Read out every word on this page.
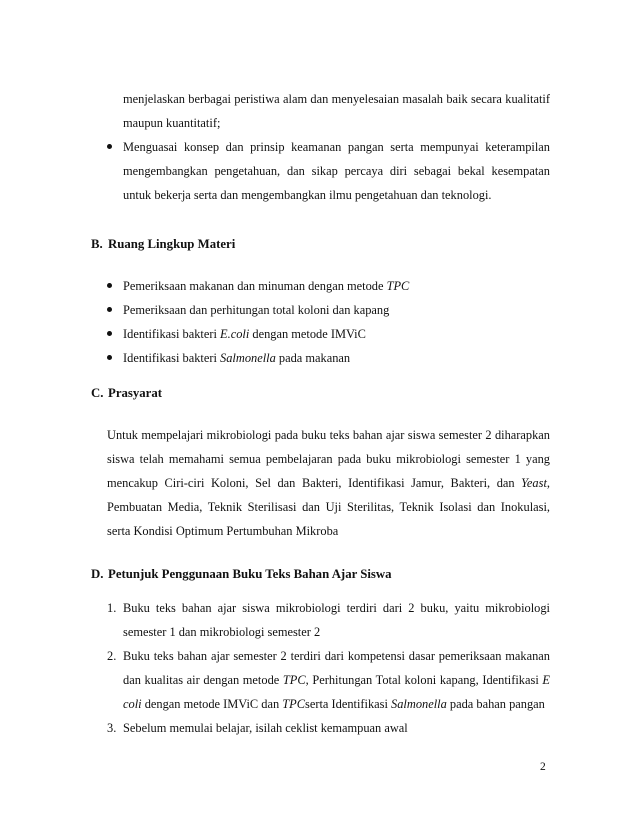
menjelaskan berbagai peristiwa alam dan menyelesaian masalah baik secara kualitatif maupun kuantitatif;

Menguasai konsep dan prinsip keamanan pangan serta mempunyai keterampilan mengembangkan pengetahuan, dan sikap percaya diri sebagai bekal kesempatan untuk bekerja serta dan mengembangkan ilmu pengetahuan dan teknologi.
B. Ruang Lingkup Materi
Pemeriksaan makanan dan minuman dengan metode TPC
Pemeriksaan dan perhitungan total koloni dan kapang
Identifikasi bakteri E.coli dengan metode IMViC
Identifikasi bakteri Salmonella pada makanan
C. Prasyarat

Untuk mempelajari mikrobiologi pada buku teks bahan ajar siswa semester 2 diharapkan siswa telah memahami semua pembelajaran pada buku mikrobiologi semester 1 yang mencakup Ciri-ciri Koloni, Sel dan Bakteri, Identifikasi Jamur, Bakteri, dan Yeast, Pembuatan Media, Teknik Sterilisasi dan Uji Sterilitas, Teknik Isolasi dan Inokulasi, serta Kondisi Optimum Pertumbuhan Mikroba

D. Petunjuk Penggunaan Buku Teks Bahan Ajar Siswa
1. Buku teks bahan ajar siswa mikrobiologi terdiri dari 2 buku, yaitu mikrobiologi semester 1 dan mikrobiologi semester 2
2. Buku teks bahan ajar semester 2 terdiri dari kompetensi dasar pemeriksaan makanan dan kualitas air dengan metode TPC, Perhitungan Total koloni kapang, Identifikasi E coli dengan metode IMViC dan TPCserta Identifikasi Salmonella pada bahan pangan
3. Sebelum memulai belajar, isilah ceklist kemampuan awal
2
